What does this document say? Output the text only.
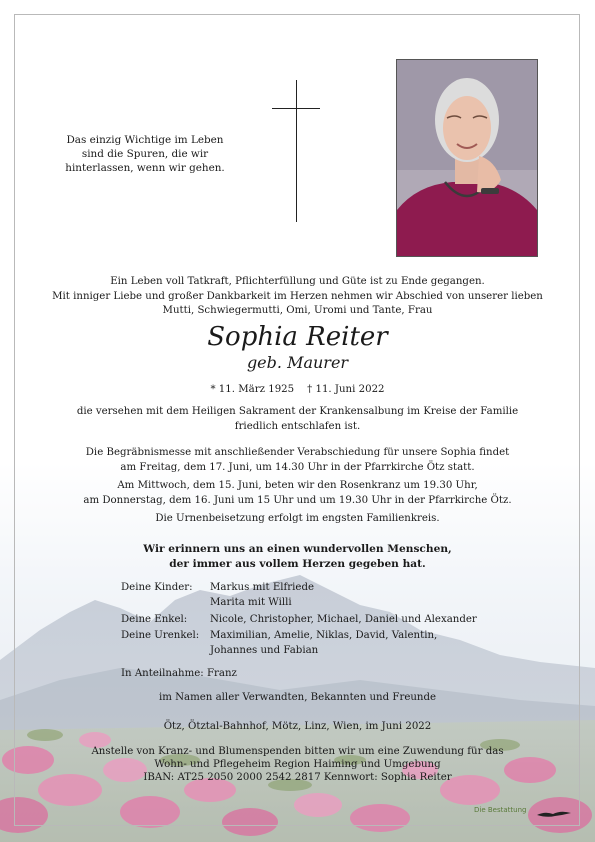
Das einzig Wichtige im Leben
sind die Spuren, die wir
hinterlassen, wenn wir gehen.
Ein Leben voll Tatkraft, Pflichterfüllung und Güte ist zu Ende gegangen.
Mit inniger Liebe und großer Dankbarkeit im Herzen nehmen wir Abschied von unserer lieben
Mutti, Schwiegermutti, Omi, Uromi und Tante, Frau
Sophia Reiter
geb. Maurer
* 11. März 1925 † 11. Juni 2022
die versehen mit dem Heiligen Sakrament der Krankensalbung im Kreise der Familie
friedlich entschlafen ist.
Die Begräbnismesse mit anschließender Verabschiedung für unsere Sophia findet
am Freitag, dem 17. Juni, um 14.30 Uhr in der Pfarrkirche Ötz statt.
Am Mittwoch, dem 15. Juni, beten wir den Rosenkranz um 19.30 Uhr,
am Donnerstag, dem 16. Juni um 15 Uhr und um 19.30 Uhr in der Pfarrkirche Ötz.
Die Urnenbeisetzung erfolgt im engsten Familienkreis.
Wir erinnern uns an einen wundervollen Menschen,
der immer aus vollem Herzen gegeben hat.
Deine Kinder: Markus mit Elfriede
Marita mit Willi
Deine Enkel: Nicole, Christopher, Michael, Daniel und Alexander
Deine Urenkel: Maximilian, Amelie, Niklas, David, Valentin,
Johannes und Fabian
In Anteilnahme: Franz
im Namen aller Verwandten, Bekannten und Freunde
Ötz, Ötztal-Bahnhof, Mötz, Linz, Wien, im Juni 2022
Anstelle von Kranz- und Blumenspenden bitten wir um eine Zuwendung für das
Wohn- und Pflegeheim Region Haiming und Umgebung
IBAN: AT25 2050 2000 2542 2817 Kennwort: Sophia Reiter
Die Bestattung
